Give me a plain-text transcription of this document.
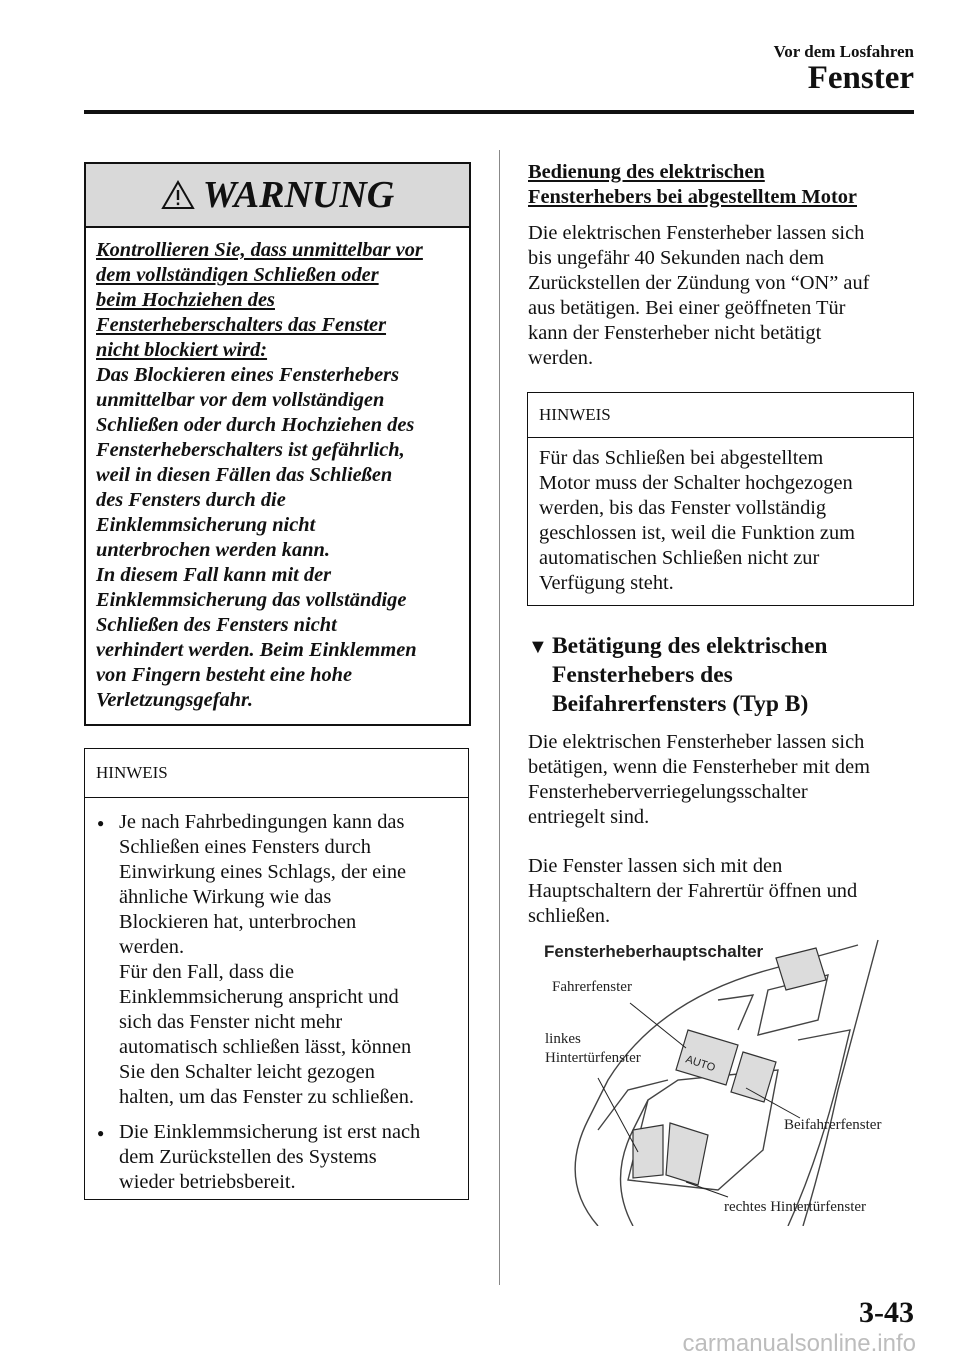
Vor dem Losfahren
Fenster
WARNUNG
Kontrollieren Sie, dass unmittelbar vor
dem vollständigen Schließen oder
beim Hochziehen des
Fensterheberschalters das Fenster
nicht blockiert wird:
Das Blockieren eines Fensterhebers
unmittelbar vor dem vollständigen
Schließen oder durch Hochziehen des
Fensterheberschalters ist gefährlich,
weil in diesen Fällen das Schließen
des Fensters durch die
Einklemmsicherung nicht
unterbrochen werden kann.
In diesem Fall kann mit der
Einklemmsicherung das vollständige
Schließen des Fensters nicht
verhindert werden. Beim Einklemmen
von Fingern besteht eine hohe
Verletzungsgefahr.
HINWEIS
● Je nach Fahrbedingungen kann das
Schließen eines Fensters durch
Einwirkung eines Schlags, der eine
ähnliche Wirkung wie das
Blockieren hat, unterbrochen
werden.
Für den Fall, dass die
Einklemmsicherung anspricht und
sich das Fenster nicht mehr
automatisch schließen lässt, können
Sie den Schalter leicht gezogen
halten, um das Fenster zu schließen.
● Die Einklemmsicherung ist erst nach
dem Zurückstellen des Systems
wieder betriebsbereit.
Bedienung des elektrischen
Fensterhebers bei abgestelltem Motor
Die elektrischen Fensterheber lassen sich
bis ungefähr 40 Sekunden nach dem
Zurückstellen der Zündung von “ON” auf
aus betätigen. Bei einer geöffneten Tür
kann der Fensterheber nicht betätigt
werden.
HINWEIS
Für das Schließen bei abgestelltem
Motor muss der Schalter hochgezogen
werden, bis das Fenster vollständig
geschlossen ist, weil die Funktion zum
automatischen Schließen nicht zur
Verfügung steht.
▼ Betätigung des elektrischen
Fensterhebers des
Beifahrerfensters (Typ B)
Die elektrischen Fensterheber lassen sich
betätigen, wenn die Fensterheber mit dem
Fensterheberverriegelungsschalter
entriegelt sind.
Die Fenster lassen sich mit den
Hauptschaltern der Fahrertür öffnen und
schließen.
AUTO
Fensterheberhauptschalter
Fahrerfenster
linkes
Hintertürfenster
Beifahrerfenster
rechtes Hintertürfenster
3-43
carmanualsonline.info
